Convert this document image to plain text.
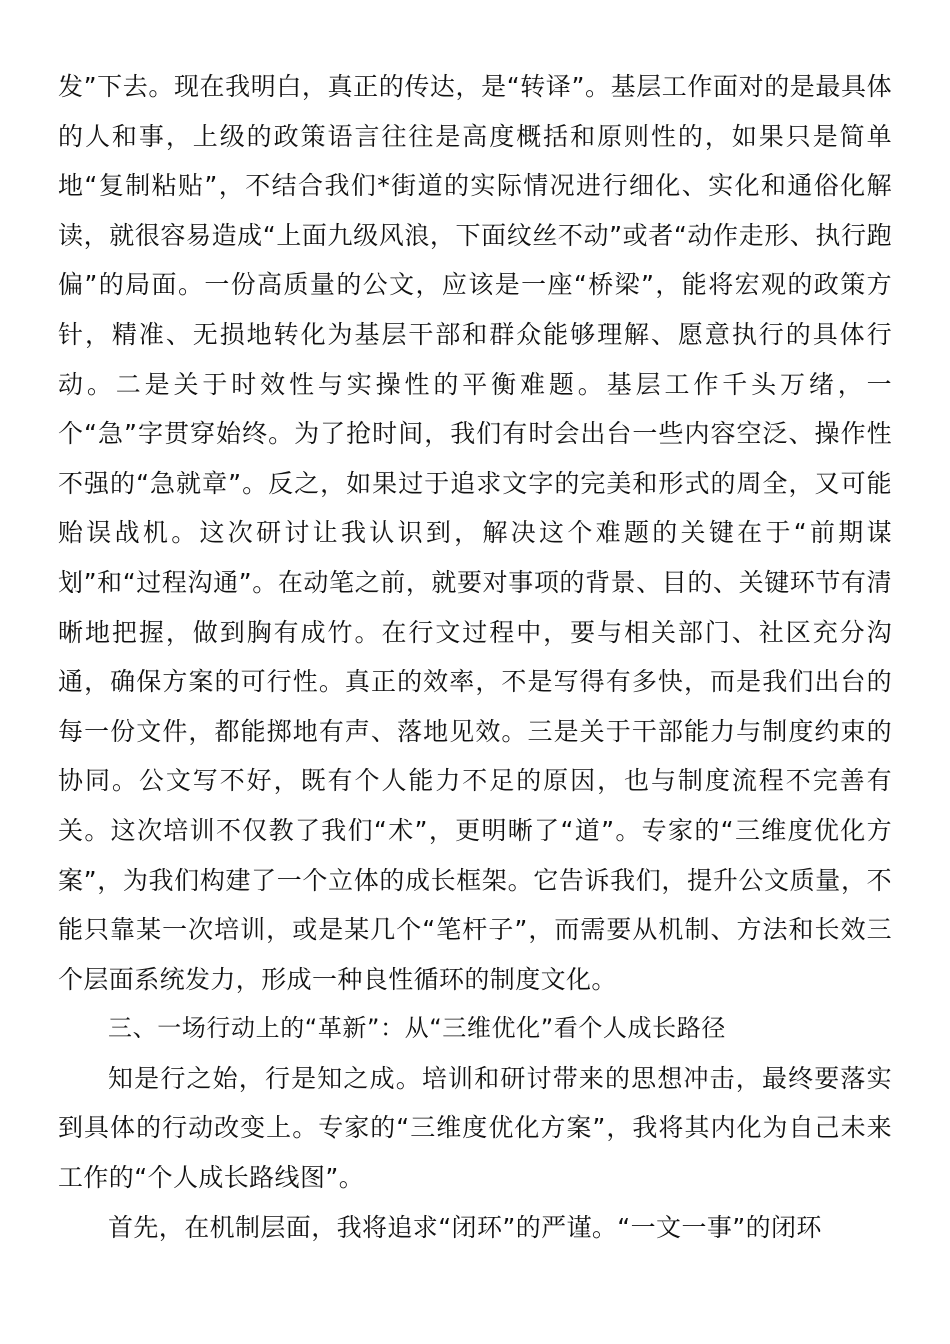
发”下去。现在我明白，真正的传达，是“转译”。基层工作面对的是最具体的人和事，上级的政策语言往往是高度概括和原则性的，如果只是简单地“复制粘贴”，不结合我们*街道的实际情况进行细化、实化和通俗化解读，就很容易造成“上面九级风浪，下面纹丝不动”或者“动作走形、执行跑偏”的局面。一份高质量的公文，应该是一座“桥梁”，能将宏观的政策方针，精准、无损地转化为基层干部和群众能够理解、愿意执行的具体行动。二是关于时效性与实操性的平衡难题。基层工作千头万绪，一个“急”字贯穿始终。为了抢时间，我们有时会出台一些内容空泛、操作性不强的“急就章”。反之，如果过于追求文字的完美和形式的周全，又可能贻误战机。这次研讨让我认识到，解决这个难题的关键在于“前期谋划”和“过程沟通”。在动笔之前，就要对事项的背景、目的、关键环节有清晰地把握，做到胸有成竹。在行文过程中，要与相关部门、社区充分沟通，确保方案的可行性。真正的效率，不是写得有多快，而是我们出台的每一份文件，都能掷地有声、落地见效。三是关于干部能力与制度约束的协同。公文写不好，既有个人能力不足的原因，也与制度流程不完善有关。这次培训不仅教了我们“术”，更明晰了“道”。专家的“三维度优化方案”，为我们构建了一个立体的成长框架。它告诉我们，提升公文质量，不能只靠某一次培训，或是某几个“笔杆子”，而需要从机制、方法和长效三个层面系统发力，形成一种良性循环的制度文化。

三、一场行动上的“革新”：从“三维优化”看个人成长路径

知是行之始，行是知之成。培训和研讨带来的思想冲击，最终要落实到具体的行动改变上。专家的“三维度优化方案”，我将其内化为自己未来工作的“个人成长路线图”。

首先，在机制层面，我将追求“闭环”的严谨。“一文一事”的闭环
